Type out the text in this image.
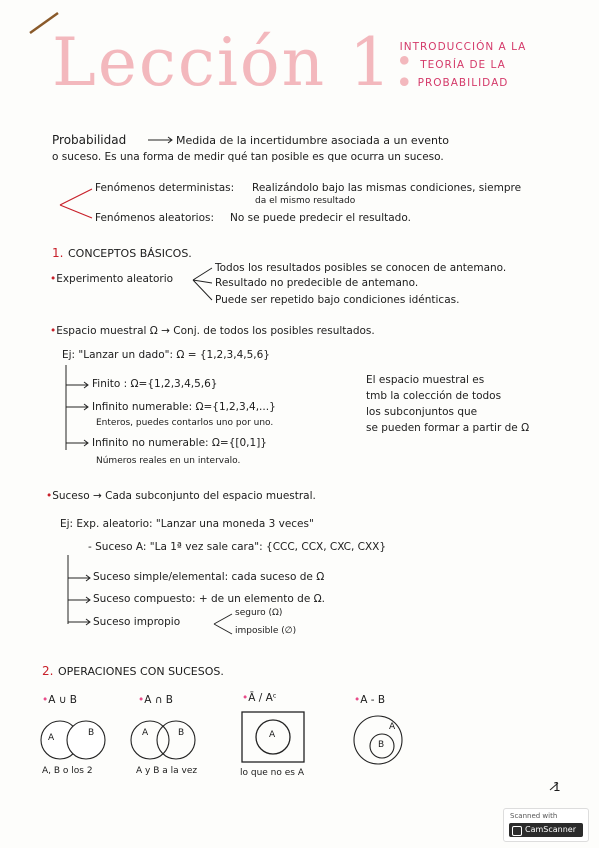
Lección 1:
INTRODUCCIÓN A LA
TEORÍA DE LA
PROBABILIDAD
Probabilidad	Medida de la incertidumbre asociada a un evento
o suceso. Es una forma de medir qué tan posible es que ocurra un suceso.
Fenómenos deterministas: Realizándolo bajo las mismas condiciones, siempre
da el mismo resultado
Fenómenos aleatorios: No se puede predecir el resultado.
1. CONCEPTOS BÁSICOS.
•Experimento aleatorio
Todos los resultados posibles se conocen de antemano.
Resultado no predecible de antemano.
Puede ser repetido bajo condiciones idénticas.
•Espacio muestral Ω → Conj. de todos los posibles resultados.
Ej: "Lanzar un dado": Ω = {1,2,3,4,5,6}
Finito : Ω={1,2,3,4,5,6}
Infinito numerable: Ω={1,2,3,4,...}
Enteros, puedes contarlos uno por uno.
Infinito no numerable: Ω={[0,1]}
Números reales en un intervalo.
El espacio muestral es
tmb la colección de todos
los subconjuntos que
se pueden formar a partir de Ω
•Suceso → Cada subconjunto del espacio muestral.
Ej: Exp. aleatorio: "Lanzar una moneda 3 veces"
- Suceso A: "La 1ª vez sale cara": {CCC, CCX, CXC, CXX}
Suceso simple/elemental: cada suceso de Ω
Suceso compuesto: + de un elemento de Ω.
Suceso impropio
seguro (Ω)
imposible (∅)
2. OPERACIONES CON SUCESOS.
•A ∪ B	•A ∩ B	•Ā / Aᶜ	•A - B
A	B	A	B	A
A
B
A, B o los 2	A y B a la vez	lo que no es A
1
Scanned with
CamScanner
